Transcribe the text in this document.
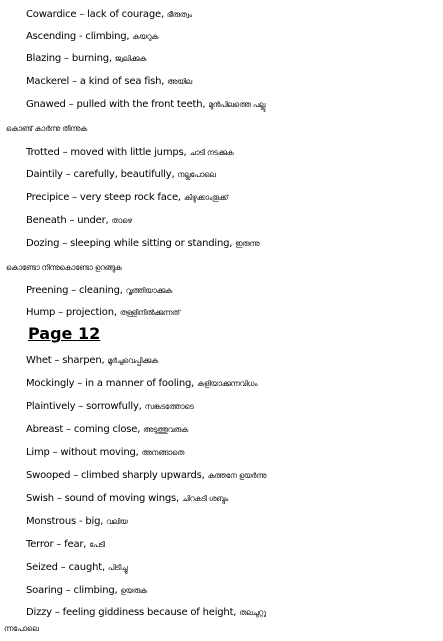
Cowardice – lack of courage, ഭീരുത്വം
Ascending - climbing, കയറുക
Blazing – burning, ജ്വലിക്കുക
Mackerel – a kind of sea fish, അയില
Gnawed – pulled with the front teeth, മുൻപിലത്തെ പല്ലു
കൊണ്ട് കാർന്നു തിന്നുക
Trotted – moved with little jumps, ചാടി നടക്കുക
Daintily – carefully, beautifully, നല്ലപോലെ
Precipice – very steep rock face, കിഴുക്കാംതൂക്ക്
Beneath – under, താഴെ
Dozing – sleeping while sitting or standing, ഇരുന്നു
കൊണ്ടോ നിന്നുകൊണ്ടോ ഉറങ്ങുക
Preening – cleaning, വൃത്തിയാക്കുക
Hump – projection, തള്ളിനിൽക്കുന്നത്
Page 12
Whet – sharpen, മൂർച്ചവെപ്പിക്കുക
Mockingly – in a manner of fooling, കളിയാക്കുന്നവിധം
Plaintively – sorrowfully, സങ്കടത്തോടെ
Abreast – coming close, അടുത്തുവരുക
Limp – without moving, അനങ്ങാതെ
Swooped – climbed sharply upwards, കുത്തനേ ഉയർന്നു
Swish – sound of moving wings, ചിറകടി ശബ്ദം
Monstrous - big, വലിയ
Terror – fear, പേടി
Seized – caught, പിടിച്ചു
Soaring – climbing, ഉയരുക
Dizzy – feeling giddiness because of height, തലചുറ്റു
ന്നപോലെ
